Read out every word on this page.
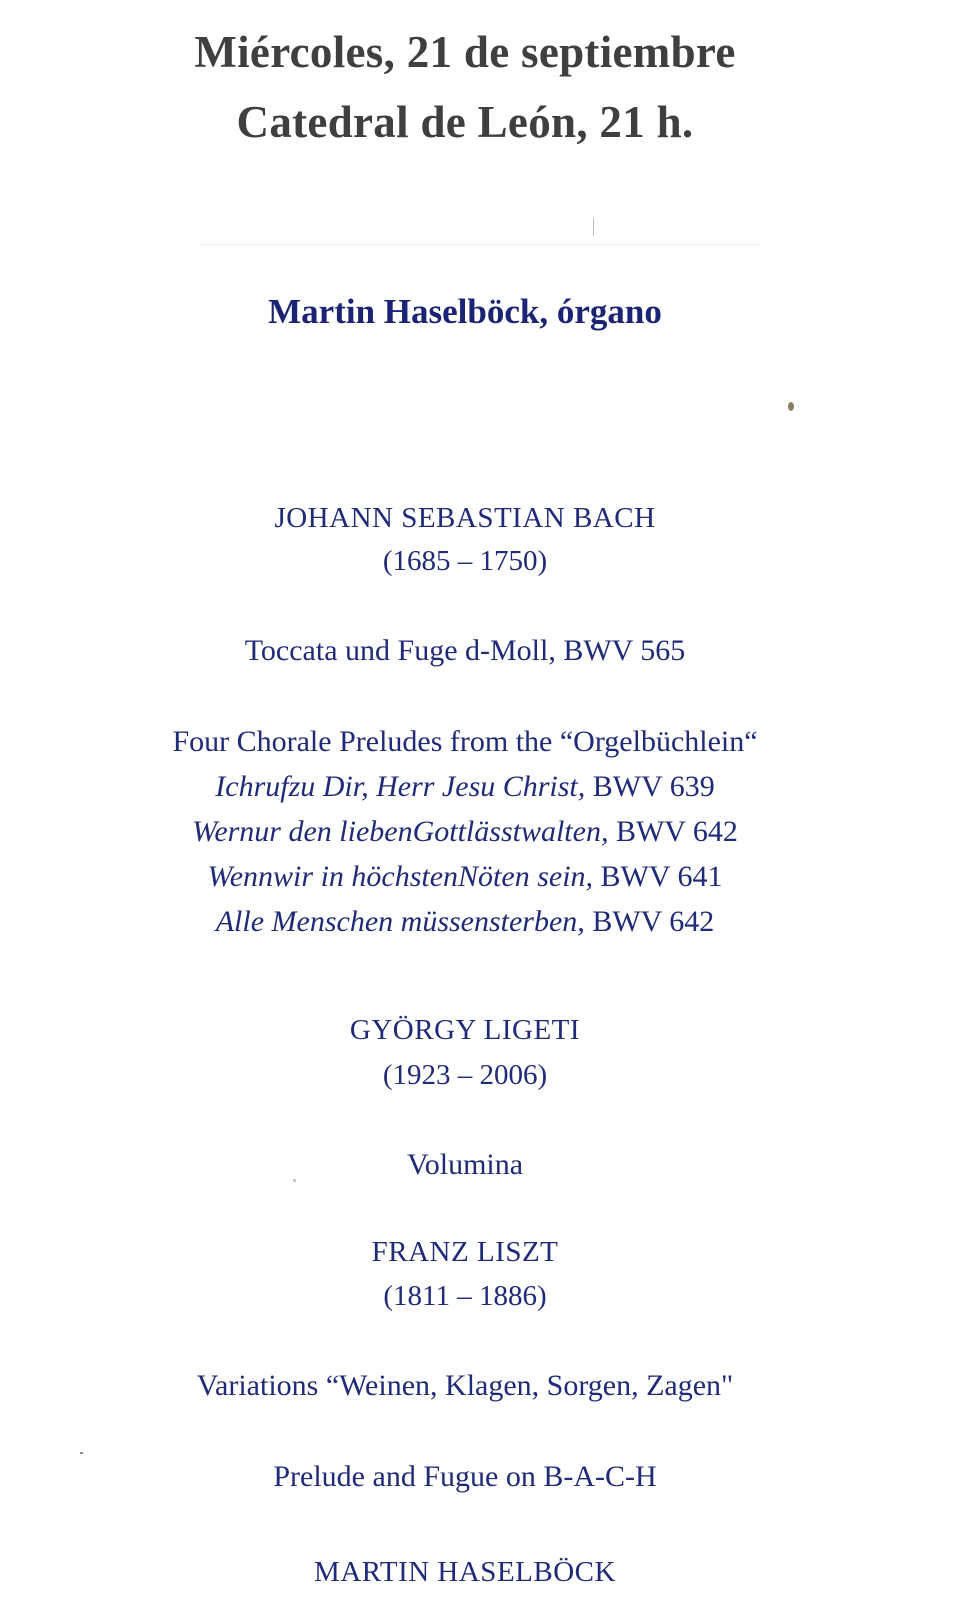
Miércoles, 21 de septiembre
Catedral de León, 21 h.
Martin Haselböck, órgano
JOHANN SEBASTIAN BACH
(1685 – 1750)
Toccata und Fuge d-Moll, BWV 565
Four Chorale Preludes from the “Orgelbüchlein“
Ichrufzu Dir, Herr Jesu Christ, BWV 639
Wernur den liebenGottlässtwalten, BWV 642
Wennwir in höchstenNöten sein, BWV 641
Alle Menschen müssensterben, BWV 642
GYÖRGY LIGETI
(1923 – 2006)
Volumina
FRANZ LISZT
(1811 – 1886)
Variations “Weinen, Klagen, Sorgen, Zagen"
Prelude and Fugue on B-A-C-H
MARTIN HASELBÖCK
